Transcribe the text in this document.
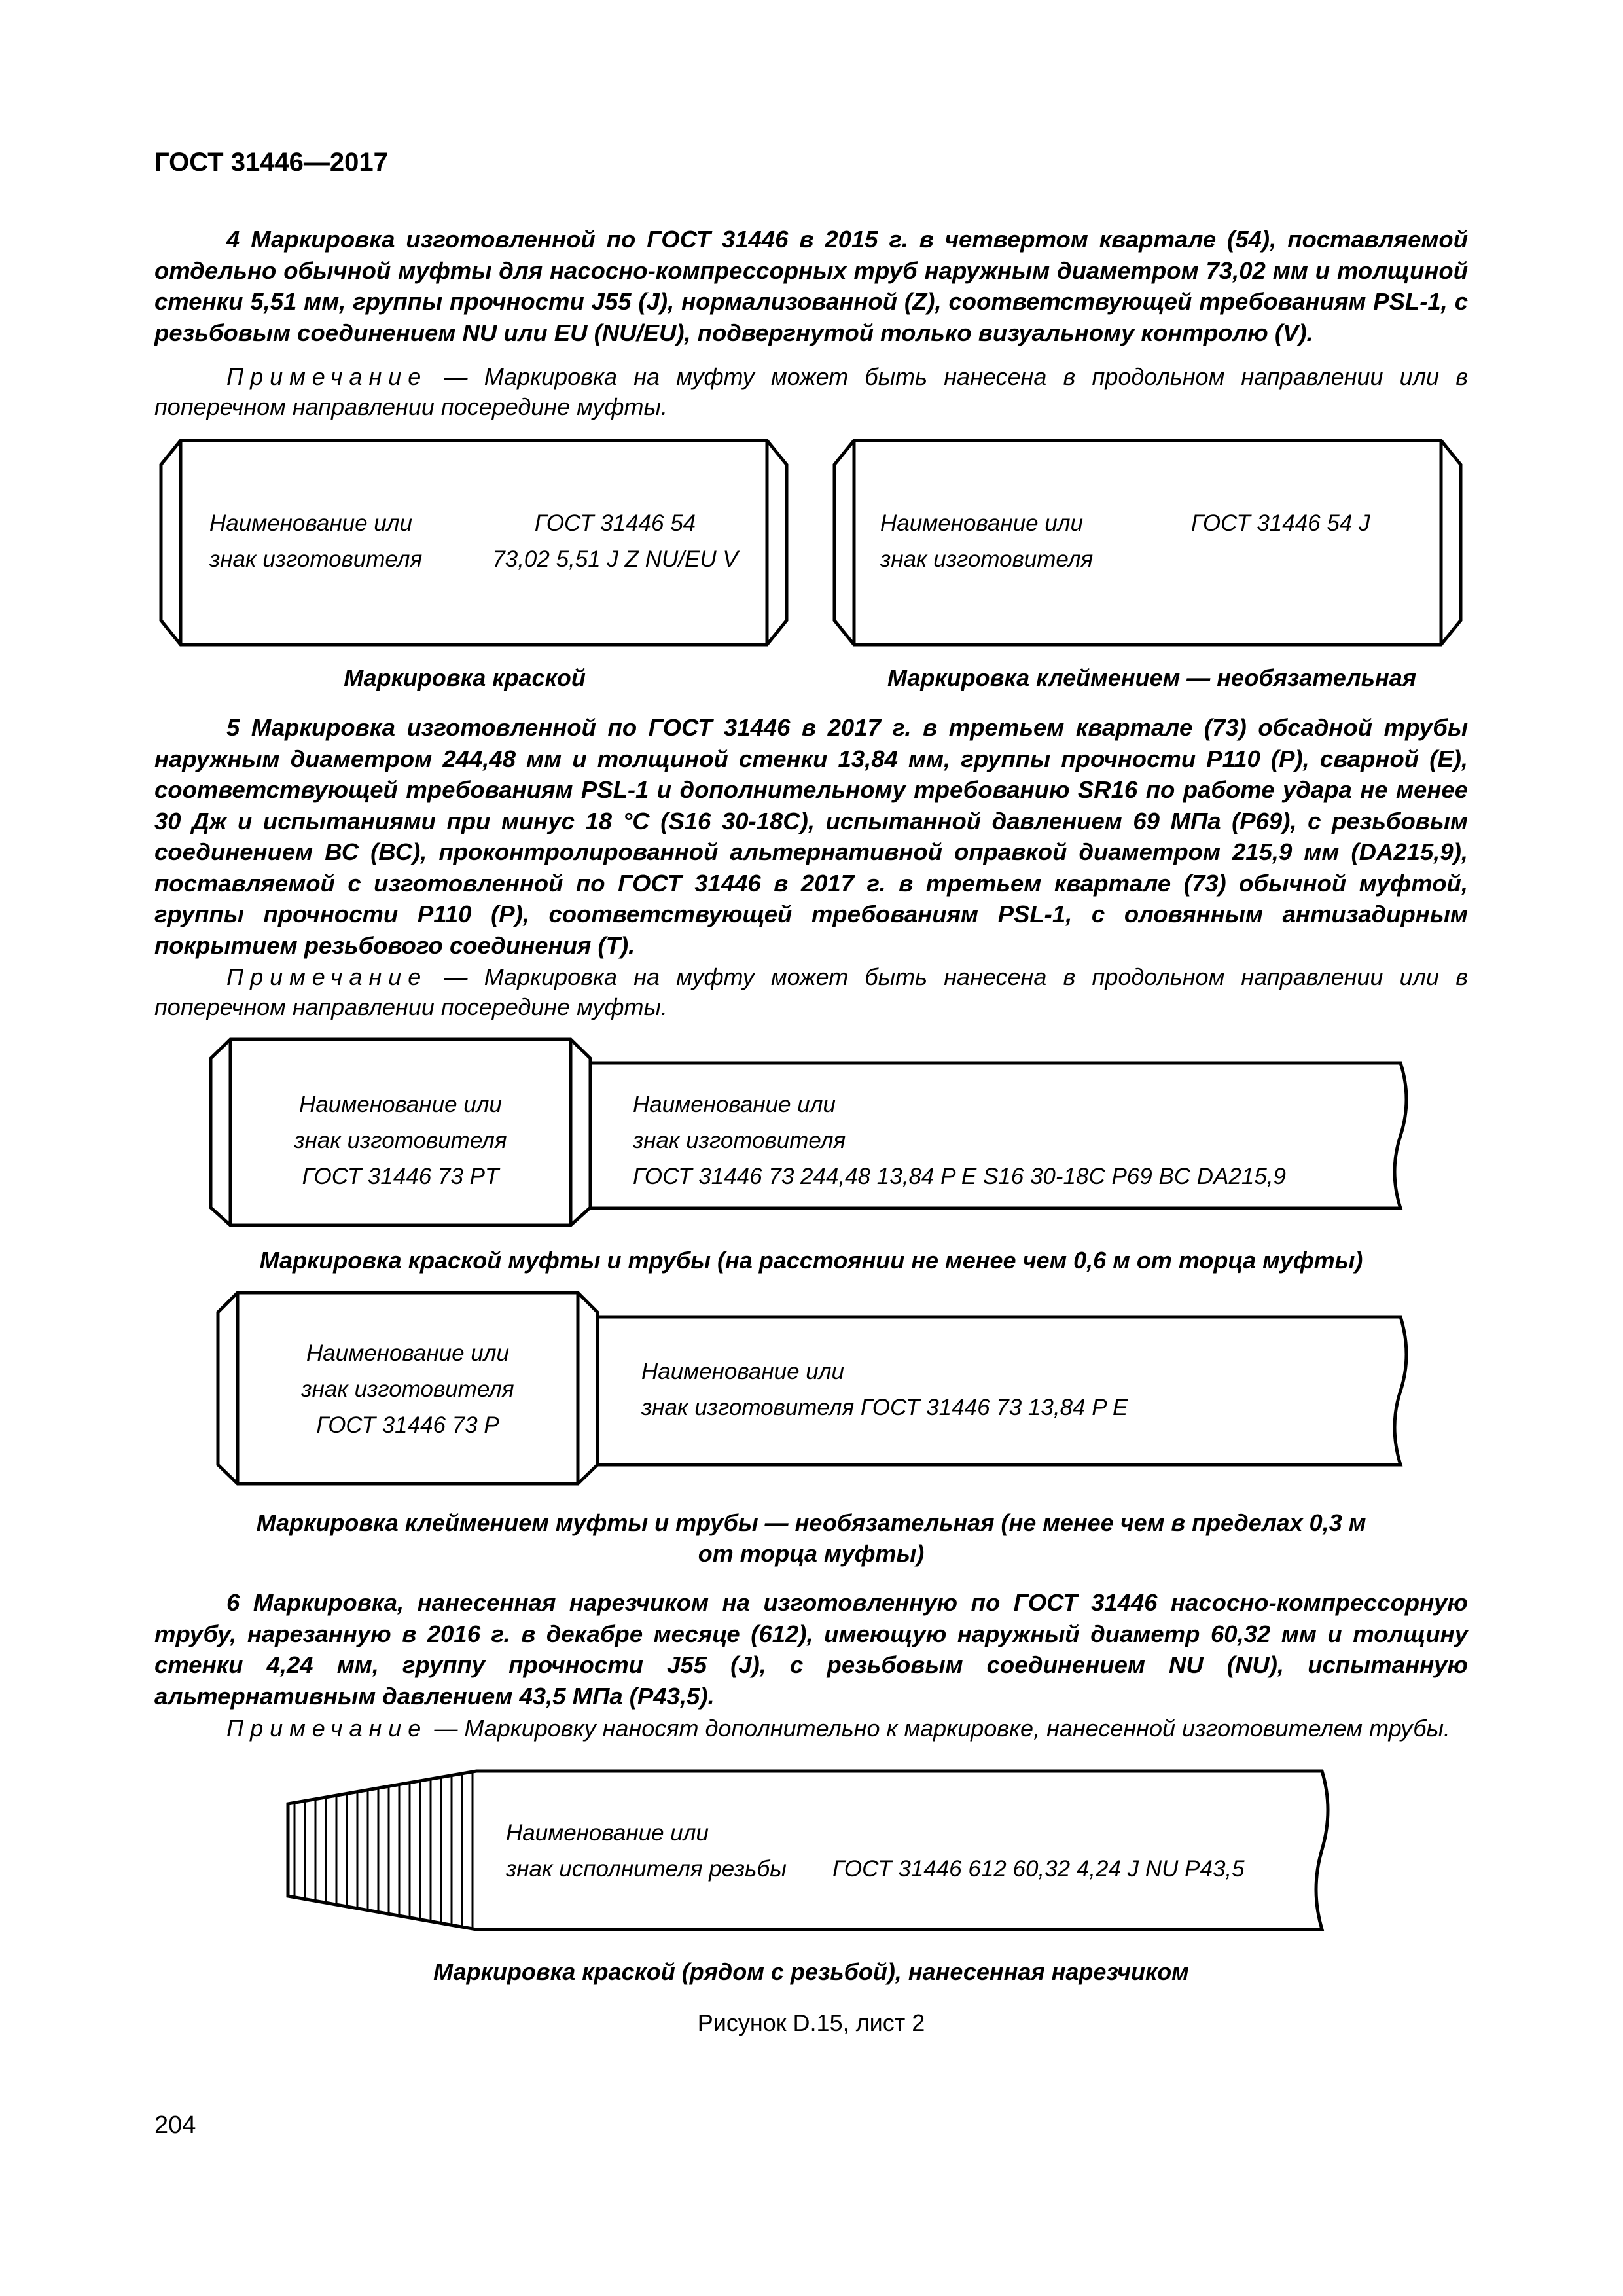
ГОСТ 31446—2017

4 Маркировка изготовленной по ГОСТ 31446 в 2015 г. в четвертом квартале (54), поставляемой отдельно обычной муфты для насосно-компрессорных труб наружным диаметром 73,02 мм и толщиной стенки 5,51 мм, группы прочности J55 (J), нормализованной (Z), соответствующей требованиям PSL-1, с резьбовым соединением NU или EU (NU/EU), подвергнутой только визуальному контролю (V).

Примечание — Маркировка на муфту может быть нанесена в продольном направлении или в поперечном направлении посередине муфты.
Наименование или
знак изготовителя
ГОСТ 31446 54
73,02 5,51 J Z NU/EU V
Наименование или
знак изготовителя
ГОСТ 31446 54 J
Маркировка краской	Маркировка клеймением — необязательная

5 Маркировка изготовленной по ГОСТ 31446 в 2017 г. в третьем квартале (73) обсадной трубы наружным диаметром 244,48 мм и толщиной стенки 13,84 мм, группы прочности P110 (P), сварной (E), соответствующей требованиям PSL-1 и дополнительному требованию SR16 по работе удара не менее 30 Дж и испытаниями при минус 18 °С (S16 30-18C), испытанной давлением 69 МПа (P69), с резьбовым соединением ВС (ВС), проконтролированной альтернативной оправкой диаметром 215,9 мм (DA215,9), поставляемой с изготовленной по ГОСТ 31446 в 2017 г. в третьем квартале (73) обычной муфтой, группы прочности P110 (P), соответствующей требованиям PSL-1, с оловянным антизадирным покрытием резьбового соединения (T).

Примечание — Маркировка на муфту может быть нанесена в продольном направлении или в поперечном направлении посередине муфты.
Наименование или
знак изготовителя
ГОСТ 31446 73 PT
Наименование или
знак изготовителя
ГОСТ 31446 73 244,48 13,84 P E S16 30-18C P69 BC DA215,9
Маркировка краской муфты и трубы (на расстоянии не менее чем 0,6 м от торца муфты)
Наименование или
знак изготовителя
ГОСТ 31446 73 P
Наименование или
знак изготовителя ГОСТ 31446 73 13,84 P E
Маркировка клеймением муфты и трубы — необязательная (не менее чем в пределах 0,3 м
от торца муфты)

6 Маркировка, нанесенная нарезчиком на изготовленную по ГОСТ 31446 насосно-компрессорную трубу, нарезанную в 2016 г. в декабре месяце (612), имеющую наружный диаметр 60,32 мм и толщину стенки 4,24 мм, группу прочности J55 (J), с резьбовым соединением NU (NU), испытанную альтернативным давлением 43,5 МПа (P43,5).

Примечание — Маркировку наносят дополнительно к маркировке, нанесенной изготовителем трубы.
Наименование или
знак исполнителя резьбы ГОСТ 31446 612 60,32 4,24 J NU P43,5
Маркировка краской (рядом с резьбой), нанесенная нарезчиком
Рисунок D.15, лист 2
204
